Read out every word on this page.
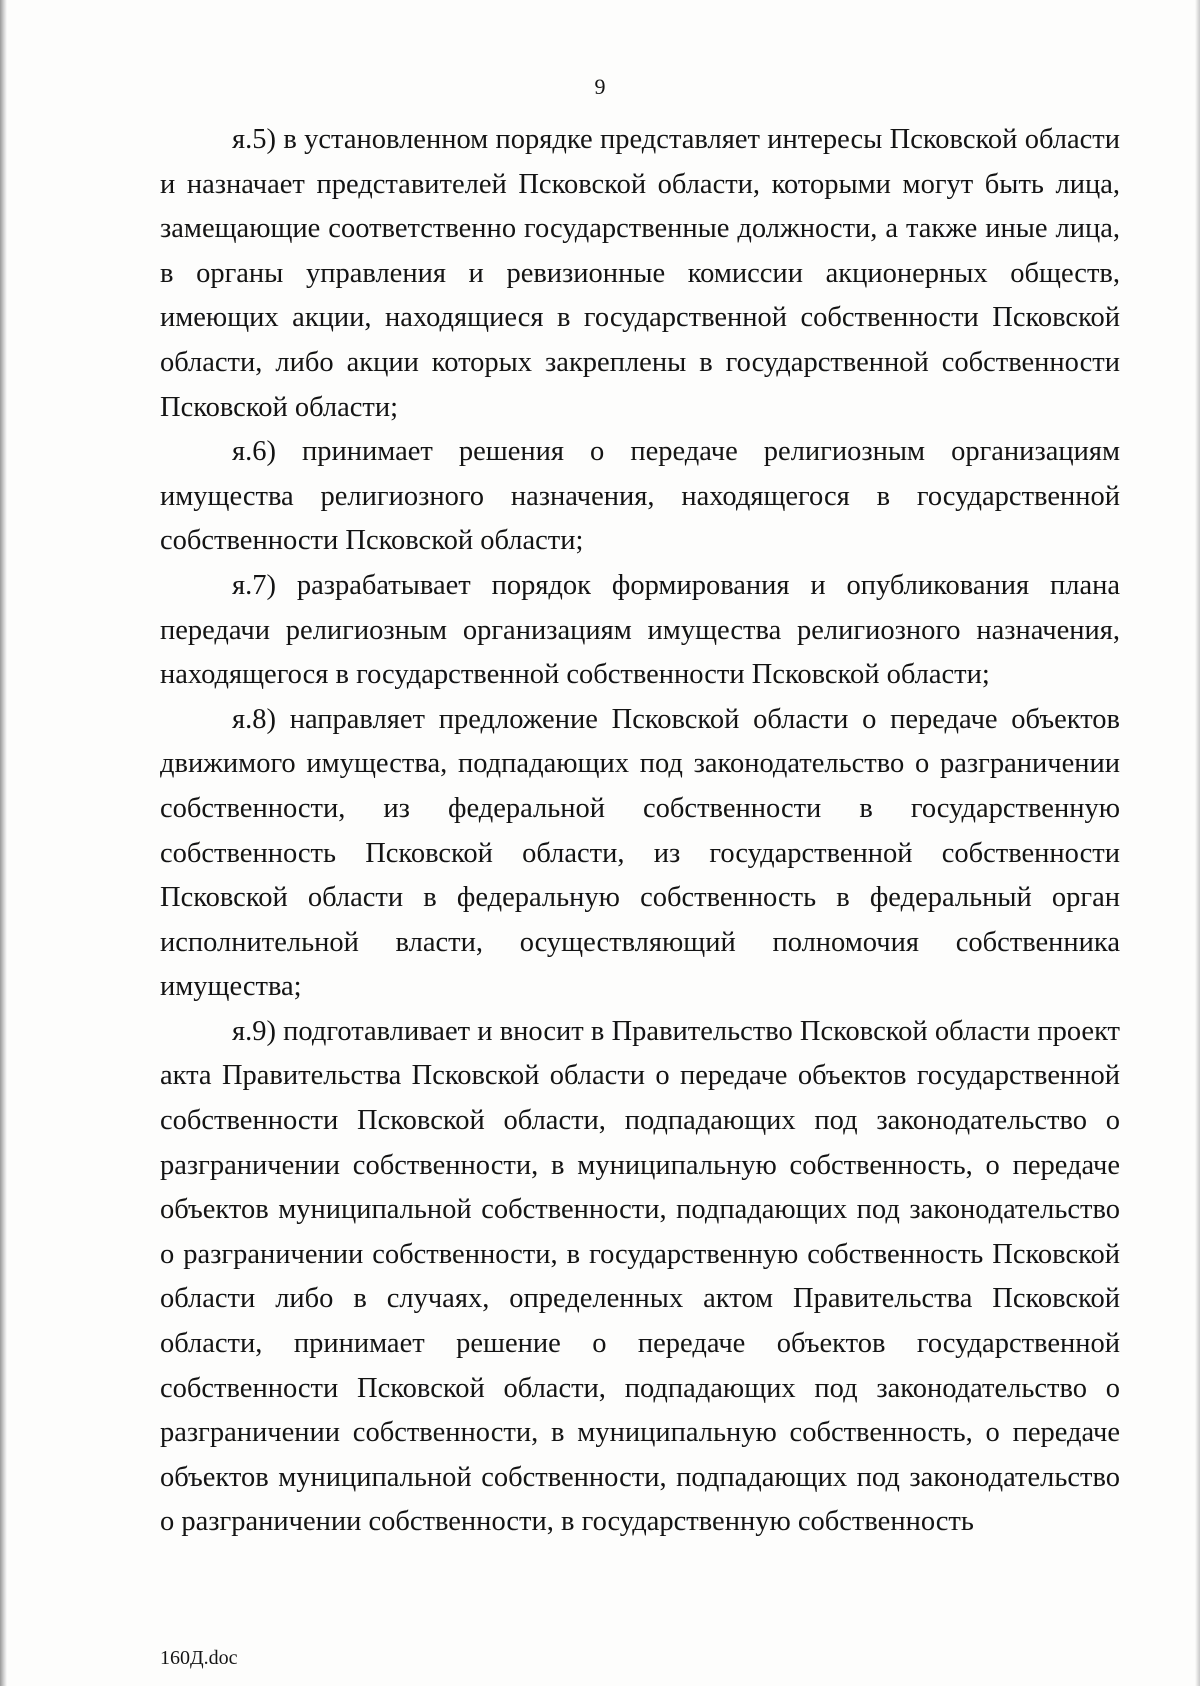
9

я.5) в установленном порядке представляет интересы Псковской области и назначает представителей Псковской области, которыми могут быть лица, замещающие соответственно государственные должности, а также иные лица, в органы управления и ревизионные комиссии акционерных обществ, имеющих акции, находящиеся в государственной собственности Псковской области, либо акции которых закреплены в государственной собственности Псковской области;

я.6) принимает решения о передаче религиозным организациям имущества религиозного назначения, находящегося в государственной собственности Псковской области;

я.7) разрабатывает порядок формирования и опубликования плана передачи религиозным организациям имущества религиозного назначения, находящегося в государственной собственности Псковской области;

я.8) направляет предложение Псковской области о передаче объектов движимого имущества, подпадающих под законодательство о разграничении собственности, из федеральной собственности в государственную собственность Псковской области, из государственной собственности Псковской области в федеральную собственность в федеральный орган исполнительной власти, осуществляющий полномочия собственника имущества;

я.9) подготавливает и вносит в Правительство Псковской области проект акта Правительства Псковской области о передаче объектов государственной собственности Псковской области, подпадающих под законодательство о разграничении собственности, в муниципальную собственность, о передаче объектов муниципальной собственности, подпадающих под законодательство о разграничении собственности, в государственную собственность Псковской области либо в случаях, определенных актом Правительства Псковской области, принимает решение о передаче объектов государственной собственности Псковской области, подпадающих под законодательство о разграничении собственности, в муниципальную собственность, о передаче объектов муниципальной собственности, подпадающих под законодательство о разграничении собственности, в государственную собственность

160Д.doc
